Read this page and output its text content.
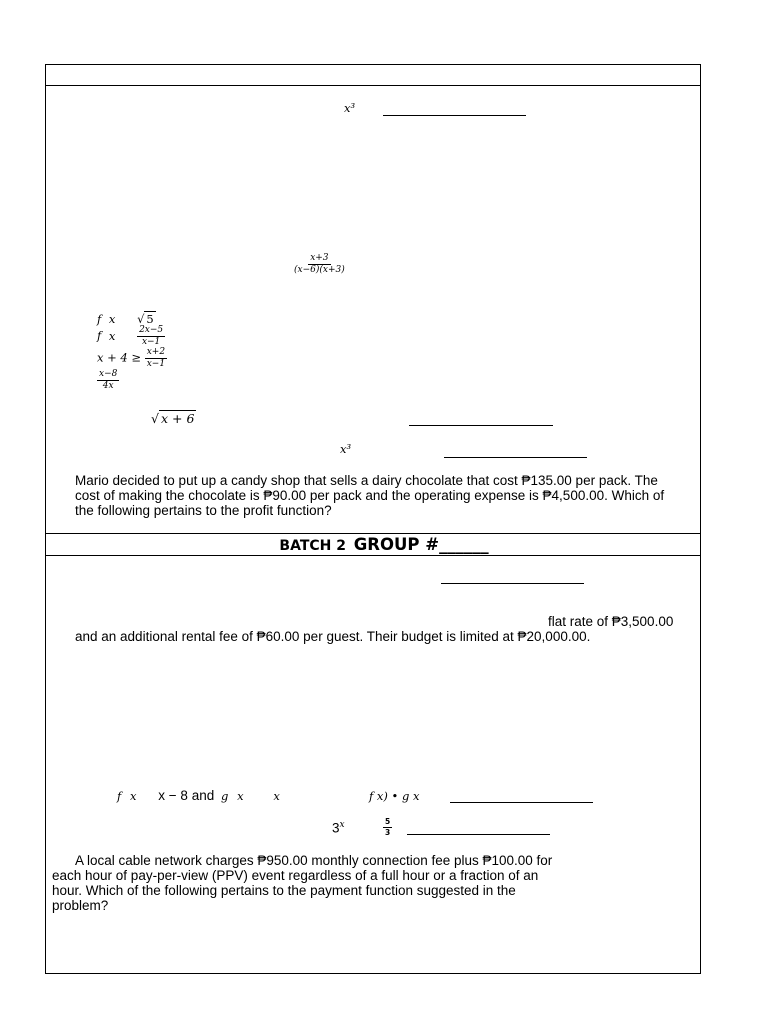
x³
$\frac{x+3}{(x-6)(x+3)}$
f x √ 5
f x $\frac{2x-5}{x-1}$
$x + 4 \ge \frac{x+2}{x-1}$
$\frac{x-8}{4x}$
√ x + 6
x³
Mario decided to put up a candy shop that sells a dairy chocolate that cost ₱135.00 per pack. The cost of making the chocolate is ₱90.00 per pack and the operating expense is ₱4,500.00. Which of the following pertains to the profit function?
BATCH 2 GROUP #______
flat rate of ₱3,500.00
and an additional rental fee of ₱60.00 per guest. Their budget is limited at ₱20,000.00.
f x x − 8 and g x	x	f x) • g x
3$^x$	$\frac{5}{3}$
A local cable network charges ₱950.00 monthly connection fee plus ₱100.00 for
each hour of pay-per-view (PPV) event regardless of a full hour or a fraction of an
hour. Which of the following pertains to the payment function suggested in the
problem?
